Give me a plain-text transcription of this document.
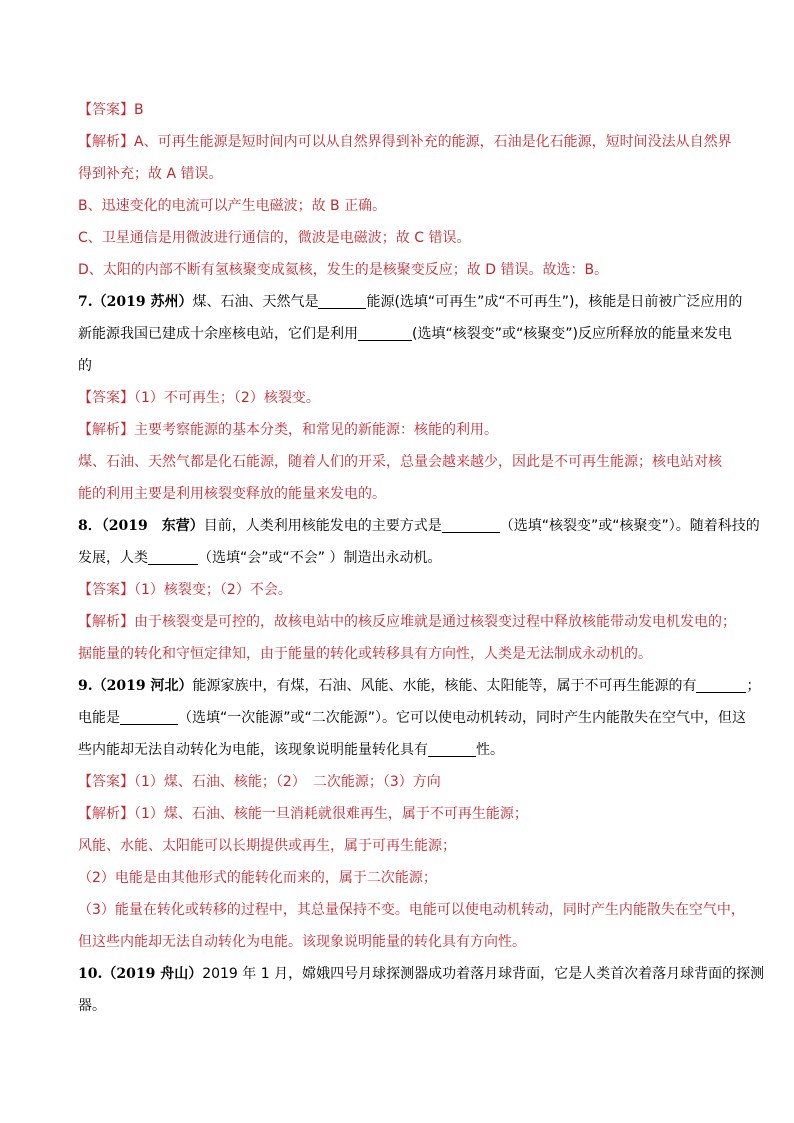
【答案】B
【解析】A、可再生能源是短时间内可以从自然界得到补充的能源，石油是化石能源，短时间没法从自然界
得到补充；故 A 错误。
B、迅速变化的电流可以产生电磁波；故 B 正确。
C、卫星通信是用微波进行通信的，微波是电磁波；故 C 错误。
D、太阳的内部不断有氢核聚变成氦核，发生的是核聚变反应；故 D 错误。故选：B。
7.（2019 苏州）煤、石油、天然气是	能源(选填“可再生”成“不可再生”)，核能是日前被广泛应用的
新能源我国已建成十余座核电站，它们是利用	(选填“核裂变”或“核聚变”)反应所释放的能量来发电
的
【答案】（1）不可再生；（2）核裂变。
【解析】主要考察能源的基本分类，和常见的新能源：核能的利用。
煤、石油、天然气都是化石能源，随着人们的开采，总量会越来越少，因此是不可再生能源；核电站对核
能的利用主要是利用核裂变释放的能量来发电的。
8．（2019　东营）目前，人类利用核能发电的主要方式是	（选填“核裂变”或“核聚变”）。随着科技的
发展，人类	（选填“会”或“不会” ）制造出永动机。
【答案】（1）核裂变；（2）不会。
【解析】由于核裂变是可控的，故核电站中的核反应堆就是通过核裂变过程中释放核能带动发电机发电的；
据能量的转化和守恒定律知，由于能量的转化或转移具有方向性，人类是无法制成永动机的。
9.（2019 河北）能源家族中，有煤，石油、风能、水能，核能、太阳能等，属于不可再生能源的有	；
电能是	（选填“一次能源”或“二次能源”）。它可以使电动机转动，同时产生内能散失在空气中，但这
些内能却无法自动转化为电能，该现象说明能量转化具有	性。
【答案】（1）煤、石油、核能；（2）　二次能源；（3）方向
【解析】（1）煤、石油、核能一旦消耗就很难再生，属于不可再生能源；
风能、水能、太阳能可以长期提供或再生，属于可再生能源；
（2）电能是由其他形式的能转化而来的，属于二次能源；
（3）能量在转化或转移的过程中，其总量保持不变。电能可以使电动机转动，同时产生内能散失在空气中，
但这些内能却无法自动转化为电能。该现象说明能量的转化具有方向性。
10.（2019 舟山）2019 年 1 月，嫦娥四号月球探测器成功着落月球背面，它是人类首次着落月球背面的探测
器。
